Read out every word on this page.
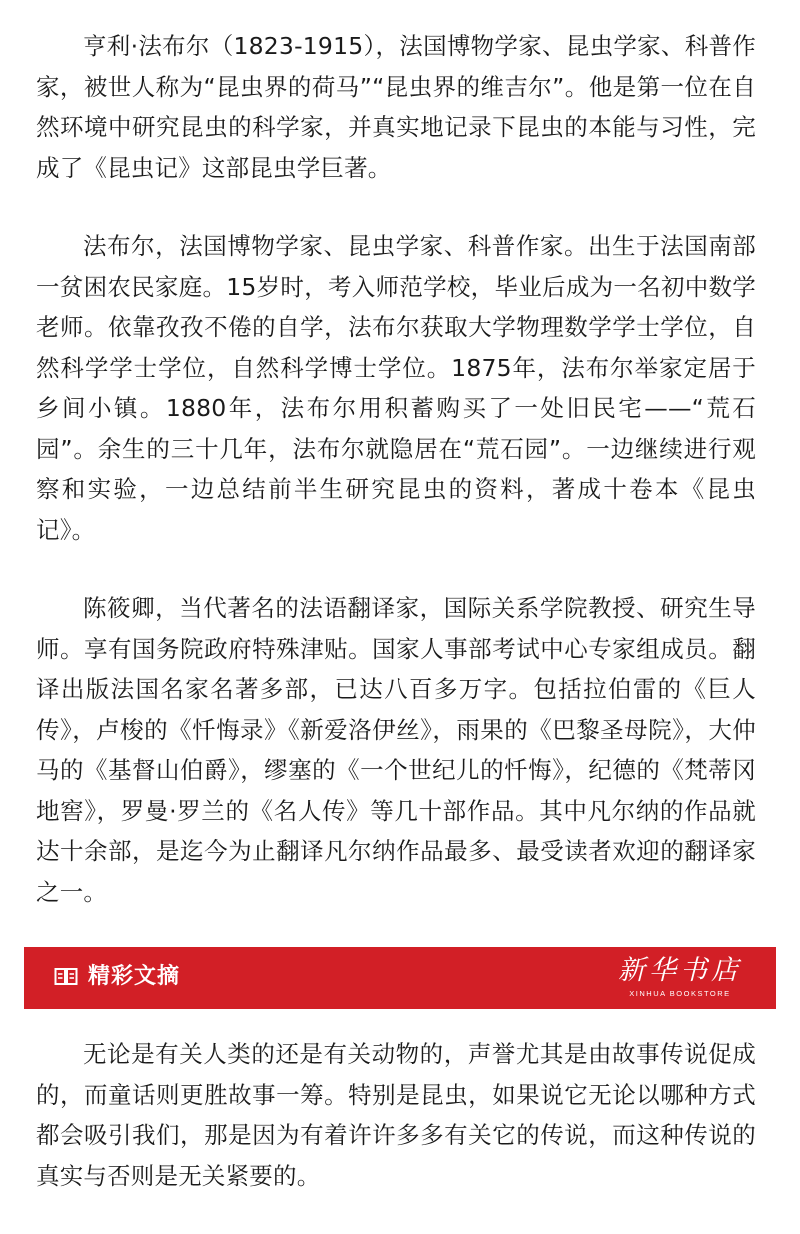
亨利·法布尔（1823-1915），法国博物学家、昆虫学家、科普作家，被世人称为“昆虫界的荷马”“昆虫界的维吉尔”。他是第一位在自然环境中研究昆虫的科学家，并真实地记录下昆虫的本能与习性，完成了《昆虫记》这部昆虫学巨著。

法布尔，法国博物学家、昆虫学家、科普作家。出生于法国南部一贫困农民家庭。15岁时，考入师范学校，毕业后成为一名初中数学老师。依靠孜孜不倦的自学，法布尔获取大学物理数学学士学位，自然科学学士学位，自然科学博士学位。1875年，法布尔举家定居于乡间小镇。1880年，法布尔用积蓄购买了一处旧民宅——“荒石园”。余生的三十几年，法布尔就隐居在“荒石园”。一边继续进行观察和实验，一边总结前半生研究昆虫的资料，著成十卷本《昆虫记》。

陈筱卿，当代著名的法语翻译家，国际关系学院教授、研究生导师。享有国务院政府特殊津贴。国家人事部考试中心专家组成员。翻译出版法国名家名著多部，已达八百多万字。包括拉伯雷的《巨人传》，卢梭的《忏悔录》《新爱洛伊丝》，雨果的《巴黎圣母院》，大仲马的《基督山伯爵》，缪塞的《一个世纪儿的忏悔》，纪德的《梵蒂冈地窖》，罗曼·罗兰的《名人传》等几十部作品。其中凡尔纳的作品就达十余部，是迄今为止翻译凡尔纳作品最多、最受读者欢迎的翻译家之一。

精彩文摘	新华书店
XINHUA BOOKSTORE

无论是有关人类的还是有关动物的，声誉尤其是由故事传说促成的，而童话则更胜故事一筹。特别是昆虫，如果说它无论以哪种方式都会吸引我们，那是因为有着许许多多有关它的传说，而这种传说的真实与否则是无关紧要的。
